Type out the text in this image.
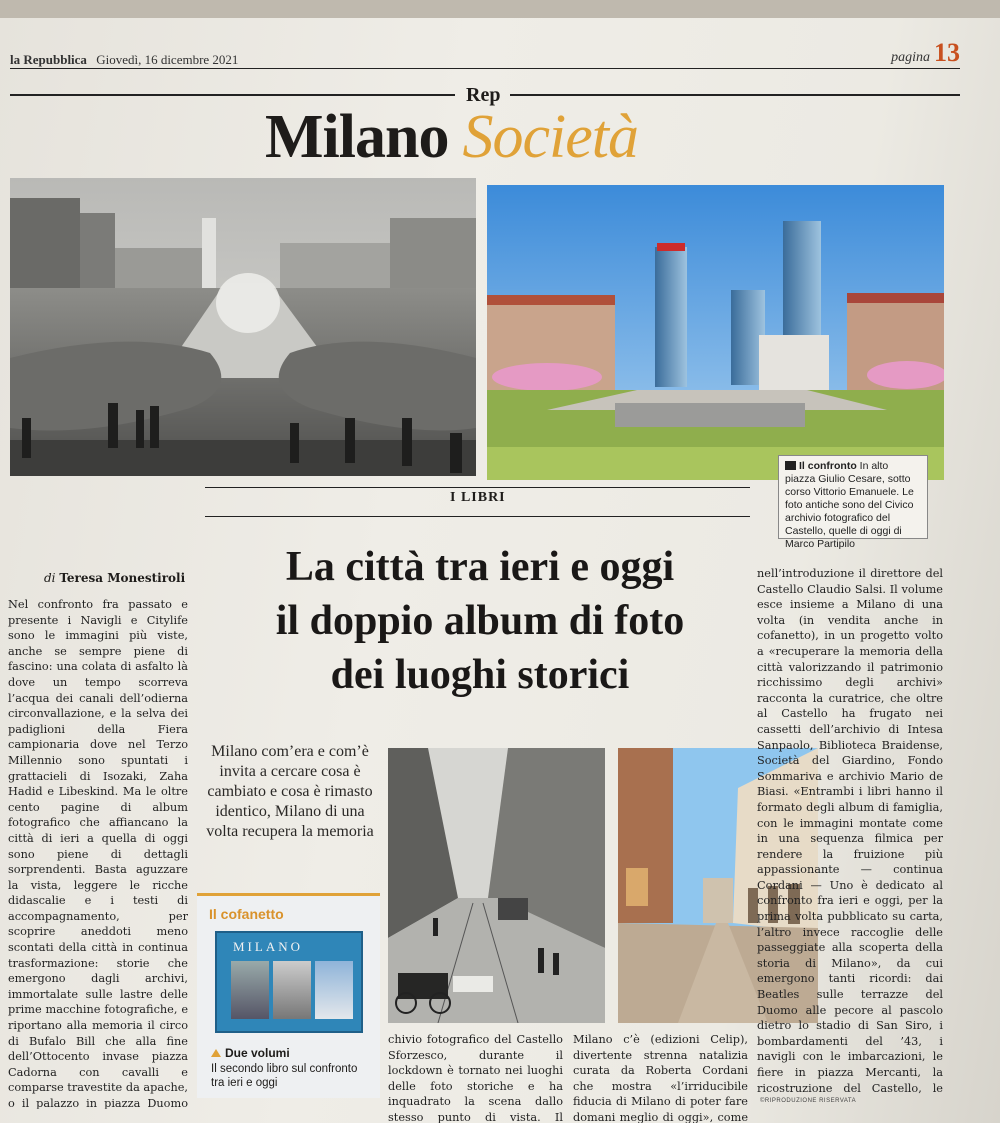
la Repubblica Giovedì, 16 dicembre 2021	pagina 13
Rep
Milano Società
Il confronto In alto piazza Giulio Cesare, sotto corso Vittorio Emanuele. Le foto antiche sono del Civico archivio fotografico del Castello, quelle di oggi di Marco Partipilo
I LIBRI
La città tra ieri e oggi
il doppio album di foto
dei luoghi storici
di Teresa Monestiroli

Nel confronto fra passato e presente i Navigli e Citylife sono le immagini più viste, anche se sempre piene di fascino: una colata di asfalto là dove un tempo scorreva l’acqua dei canali dell’odierna circonvallazione, e la selva dei padiglioni della Fiera campionaria dove nel Terzo Millennio sono spuntati i grattacieli di Isozaki, Zaha Hadid e Libeskind. Ma le oltre cento pagine di album fotografico che affiancano la città di ieri a quella di oggi sono piene di dettagli sorprendenti. Basta aguzzare la vista, leggere le ricche didascalie e i testi di accompagnamento, per scoprire aneddoti meno scontati della città in continua trasformazione: storie che emergono dagli archivi, immortalate sulle lastre delle prime macchine fotografiche, e riportano alla memoria il circo di Bufalo Bill che alla fine dell’Ottocento invase piazza Cadorna con cavalli e comparse travestite da apache, o il palazzo in piazza Duomo

Milano com’era e com’è invita a cercare cosa è cambiato e cosa è rimasto identico, Milano di una volta recupera la memoria

chivio fotografico del Castello Sforzesco, durante il lockdown è tornato nei luoghi delle foto storiche e ha inquadrato la scena dallo stesso punto di vista. Il

Milano c’è (edizioni Celip), divertente strenna natalizia curata da Roberta Cordani che mostra «l’irriducibile fiducia di Milano di poter fare domani meglio di oggi», come

nell’introduzione il direttore del Castello Claudio Salsi. Il volume esce insieme a Milano di una volta (in vendita anche in cofanetto), in un progetto volto a «recuperare la memoria della città valorizzando il patrimonio ricchissimo degli archivi» racconta la curatrice, che oltre al Castello ha frugato nei cassetti dell’archivio di Intesa Sanpaolo, Biblioteca Braidense, Società del Giardino, Fondo Sommariva e archivio Mario de Biasi. «Entrambi i libri hanno il formato degli album di famiglia, con le immagini montate come in una sequenza filmica per rendere la fruizione più appassionante — continua Cordani — Uno è dedicato al confronto fra ieri e oggi, per la prima volta pubblicato su carta, l’altro invece raccoglie delle passeggiate alla scoperta della storia di Milano», da cui emergono tanti ricordi: dai Beatles sulle terrazze del Duomo alle pecore al pascolo dietro lo stadio di San Siro, i bombardamenti del ’43, i navigli con le imbarcazioni, le fiere in piazza Mercanti, la ricostruzione del Castello, le

Il cofanetto
MILANO
Due volumi
Il secondo libro sul confronto tra ieri e oggi
©RIPRODUZIONE RISERVATA
